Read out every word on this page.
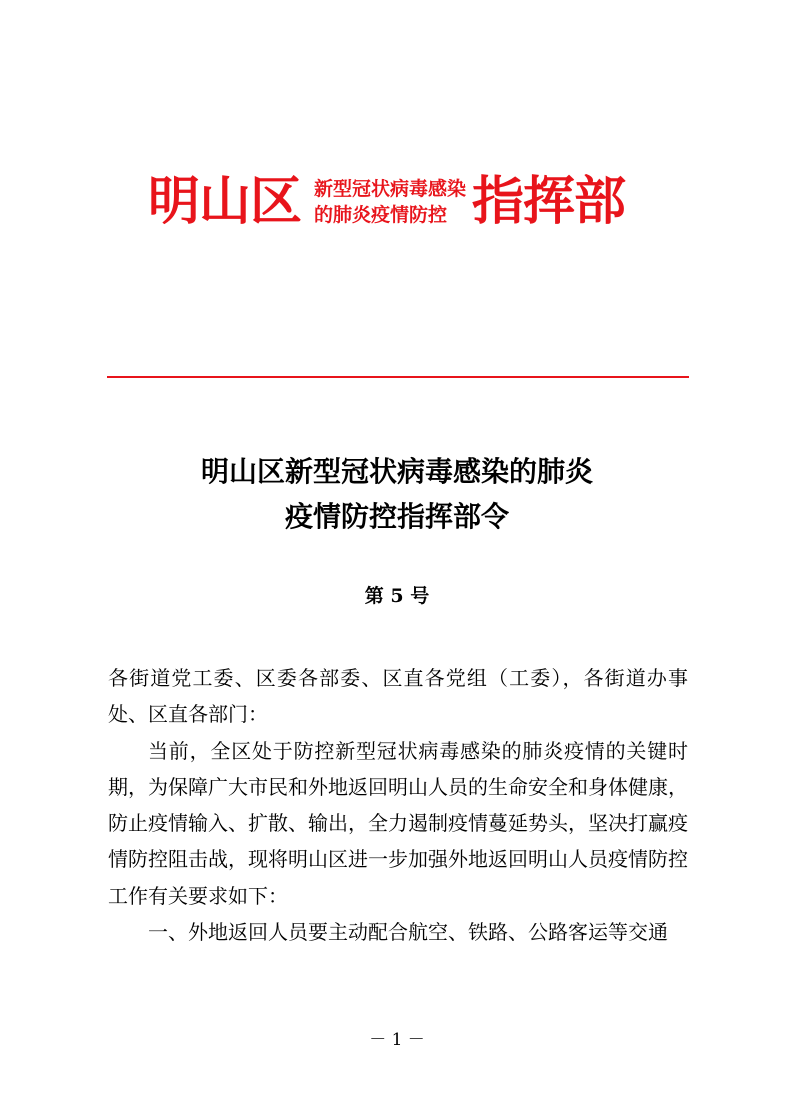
明山区 新型冠状病毒感染
的肺炎疫情防控 指挥部
明山区新型冠状病毒感染的肺炎
疫情防控指挥部令
第 5 号

各街道党工委、区委各部委、区直各党组（工委），各街道办事处、区直各部门：

当前，全区处于防控新型冠状病毒感染的肺炎疫情的关键时期，为保障广大市民和外地返回明山人员的生命安全和身体健康，防止疫情输入、扩散、输出，全力遏制疫情蔓延势头，坚决打赢疫情防控阻击战，现将明山区进一步加强外地返回明山人员疫情防控工作有关要求如下：

一、外地返回人员要主动配合航空、铁路、公路客运等交通

－ 1 －
